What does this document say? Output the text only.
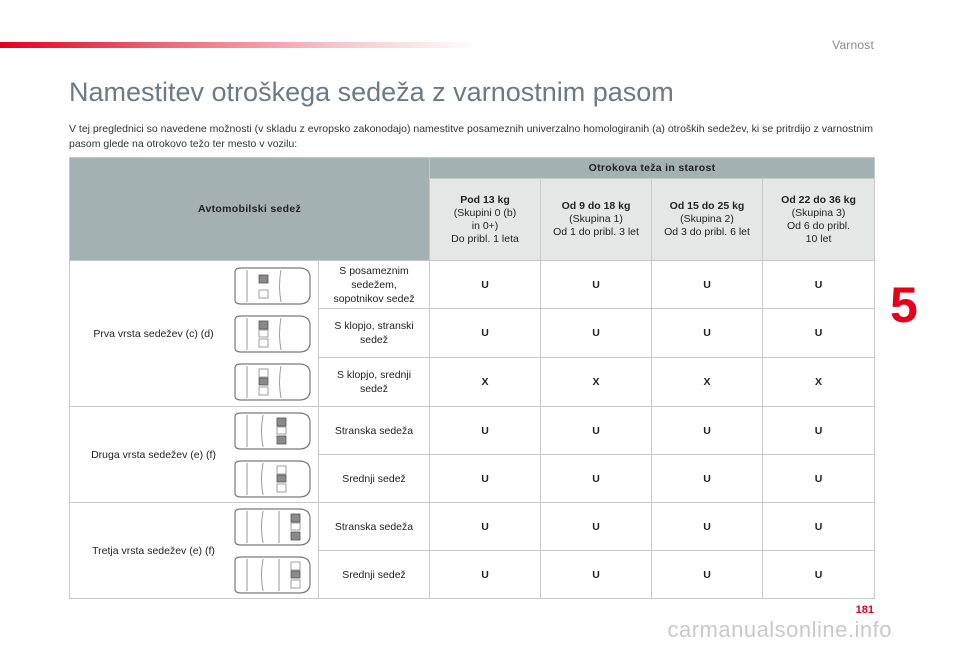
Varnost
5
Namestitev otroškega sedeža z varnostnim pasom

V tej preglednici so navedene možnosti (v skladu z evropsko zakonodajo) namestitve posameznih univerzalno homologiranih (a) otroških sedežev, ki se pritrdijo z varnostnim pasom glede na otrokovo težo ter mesto v vozilu:

Avtomobilski sedež		Otrokova teža in starost			

		Pod 13 kg
(Skupini 0 (b)
in 0+)
Do pribl. 1 leta	Od 9 do 18 kg
(Skupina 1)
Od 1 do pribl. 3 let	Od 15 do 25 kg
(Skupina 2)
Od 3 do pribl. 6 let	Od 22 do 36 kg
(Skupina 3)
Od 6 do pribl.
10 let
Prva vrsta sedežev (c) (d)	S posameznim
sedežem,
sopotnikov sedež	U	U	U	U
	S klopjo, stranski
sedež	U	U	U	U
	S klopjo, srednji
sedež	X	X	X	X
Druga vrsta sedežev (e) (f)	Stranska sedeža	U	U	U	U
	Srednji sedež	U	U	U	U
Tretja vrsta sedežev (e) (f)	Stranska sedeža	U	U	U	U
	Srednji sedež	U	U	U	U
181
carmanualsonline.info
